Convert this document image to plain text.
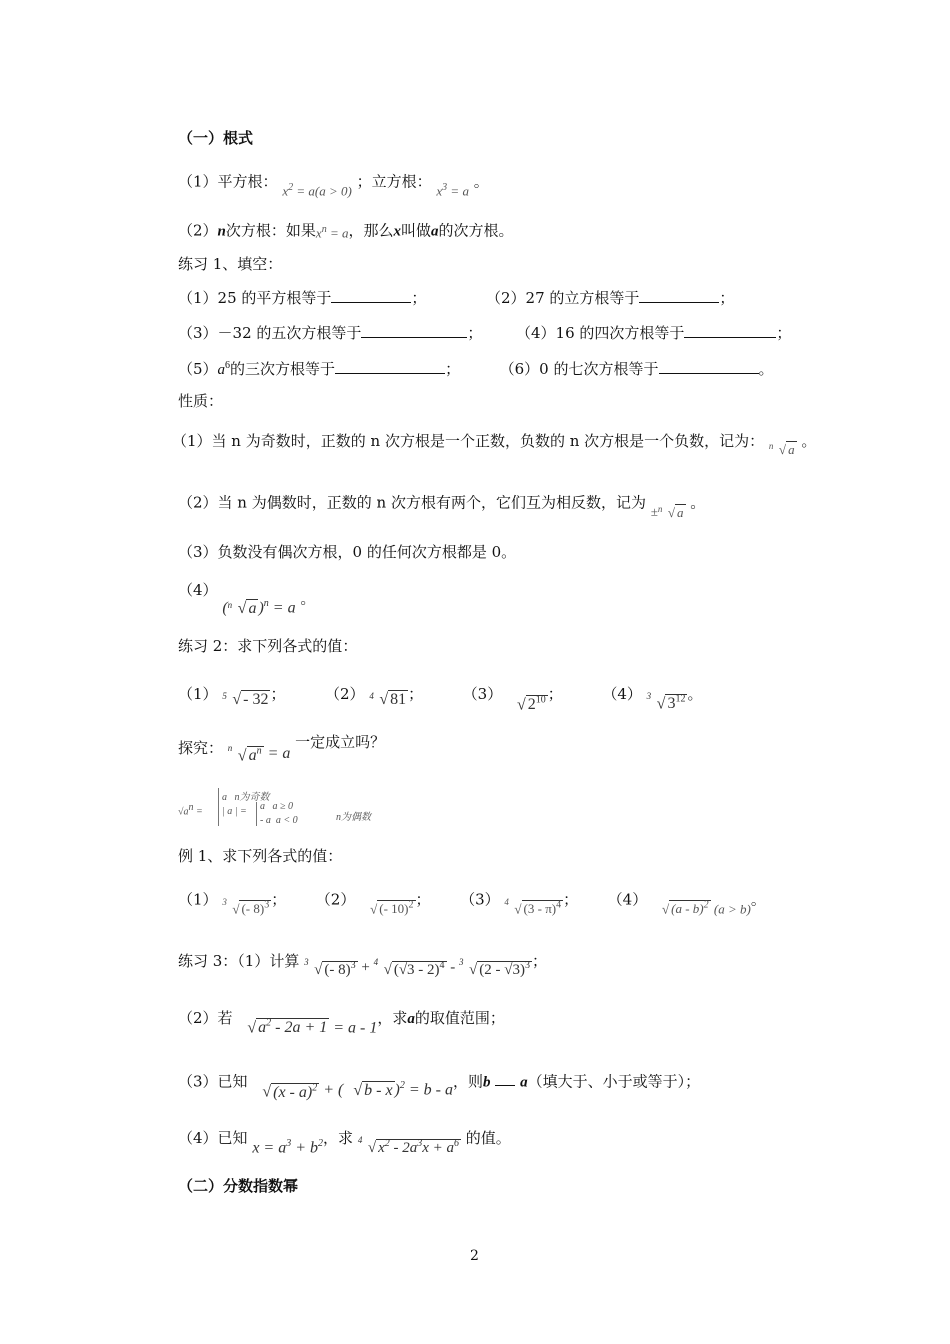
（一）根式
（1）平方根： $x^2 = a(a > 0)$ ；立方根： $x^3 = a$ 。
（2）n次方根：如果$x^n = a$，那么x叫做a的次方根。
练习 1、填空：
（1）25 的平方根等于	；	（2）27 的立方根等于	；
（3）－32 的五次方根等于	； （4）16 的四次方根等于	；
$(5)a^6$的三次方根等于	；	（6）0 的七次方根等于	。
性质：
（1）当 n 为奇数时，正数的 n 次方根是一个正数，负数的 n 次方根是一个负数，记为： n √ a 。
（2）当 n 为偶数时，正数的 n 次方根有两个，它们互为相反数，记为 ± n √ a 。
（3）负数没有偶次方根，0 的任何次方根都是 0。
（4） ( n √ a )$^n$ = a 。
练习 2：求下列各式的值：
（1） 5 √ - 32 ；  （2） 4 √ 81 ；  （3） √ $2^{10}$ ；  （4） 3 √ $3^{12}$ 。
探究： n √ $a^n = a$ 一定成立吗？
$√a^n$ =
a   n为奇数
| a | = a   a ≥ 0
- a  a < 0	n为偶数
例 1、求下列各式的值：
（1） 3 √ (- 8)$^3$ ；  （2） √ (- 10)$^2$ ；  （3） 4 √ (3 - π)$^4$ ；  （4） √ (a - b)$^2$ (a > b)。
练习 3：（1）计算 3 √ (- 8)$^3$ + 4 √ (√3 - 2)$^4$ - 3 √ (2 - √3)$^3$ ；
（2）若 √ $a^2 - 2a + 1 = a - 1$，求a的取值范围；
（3）已知 √ (x - a)$^2$ + ( √ b - x )$^2$ = b - a，则b a（填大于、小于或等于）；
（4）已知 $x = a^3 + b^2$，求 4 √ $x^2 - 2a^3x + a^6$ 的值。
（二）分数指数幂
2
